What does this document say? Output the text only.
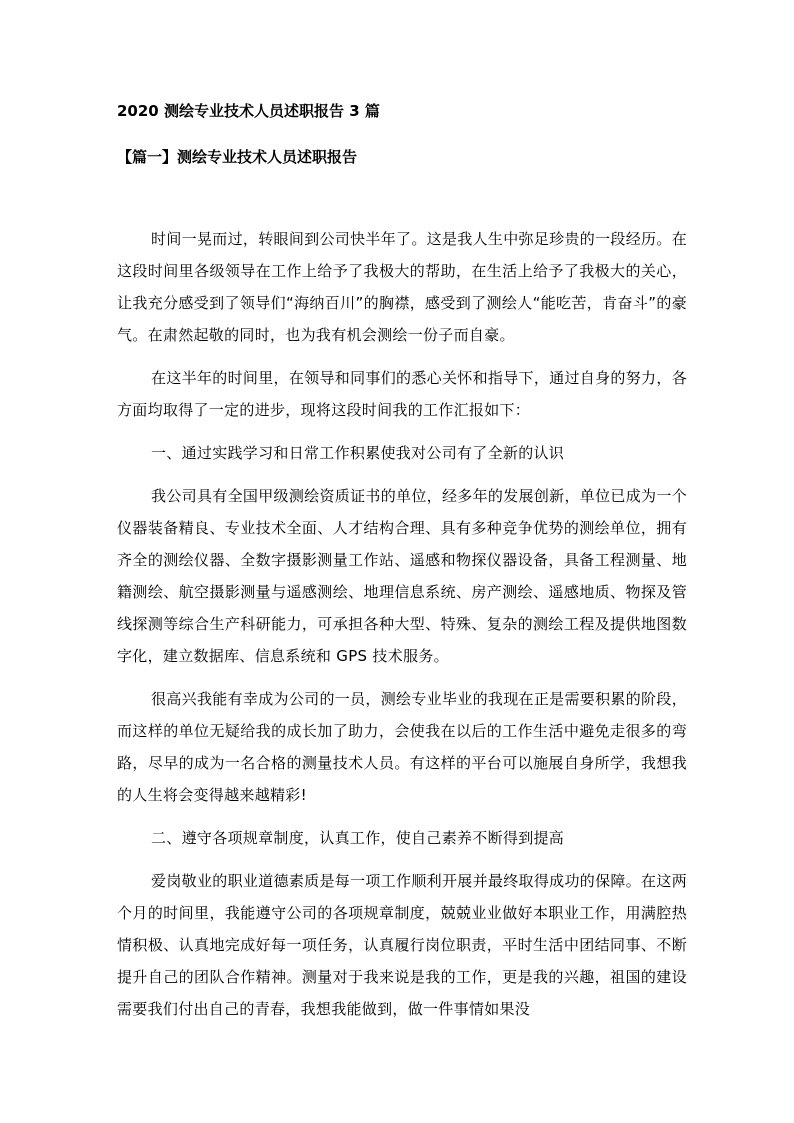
2020 测绘专业技术人员述职报告 3 篇
【篇一】测绘专业技术人员述职报告

时间一晃而过，转眼间到公司快半年了。这是我人生中弥足珍贵的一段经历。在这段时间里各级领导在工作上给予了我极大的帮助，在生活上给予了我极大的关心，让我充分感受到了领导们“海纳百川”的胸襟，感受到了测绘人“能吃苦，肯奋斗”的豪气。在肃然起敬的同时，也为我有机会测绘一份子而自豪。

在这半年的时间里，在领导和同事们的悉心关怀和指导下，通过自身的努力，各方面均取得了一定的进步，现将这段时间我的工作汇报如下：

一、通过实践学习和日常工作积累使我对公司有了全新的认识

我公司具有全国甲级测绘资质证书的单位，经多年的发展创新，单位已成为一个仪器装备精良、专业技术全面、人才结构合理、具有多种竞争优势的测绘单位，拥有齐全的测绘仪器、全数字摄影测量工作站、遥感和物探仪器设备，具备工程测量、地籍测绘、航空摄影测量与遥感测绘、地理信息系统、房产测绘、遥感地质、物探及管线探测等综合生产科研能力，可承担各种大型、特殊、复杂的测绘工程及提供地图数字化，建立数据库、信息系统和 GPS 技术服务。

很高兴我能有幸成为公司的一员，测绘专业毕业的我现在正是需要积累的阶段，而这样的单位无疑给我的成长加了助力，会使我在以后的工作生活中避免走很多的弯路，尽早的成为一名合格的测量技术人员。有这样的平台可以施展自身所学，我想我的人生将会变得越来越精彩!

二、遵守各项规章制度，认真工作，使自己素养不断得到提高

爱岗敬业的职业道德素质是每一项工作顺利开展并最终取得成功的保障。在这两个月的时间里，我能遵守公司的各项规章制度，兢兢业业做好本职业工作，用满腔热情积极、认真地完成好每一项任务，认真履行岗位职责，平时生活中团结同事、不断提升自己的团队合作精神。测量对于我来说是我的工作，更是我的兴趣，祖国的建设需要我们付出自己的青春，我想我能做到，做一件事情如果没
